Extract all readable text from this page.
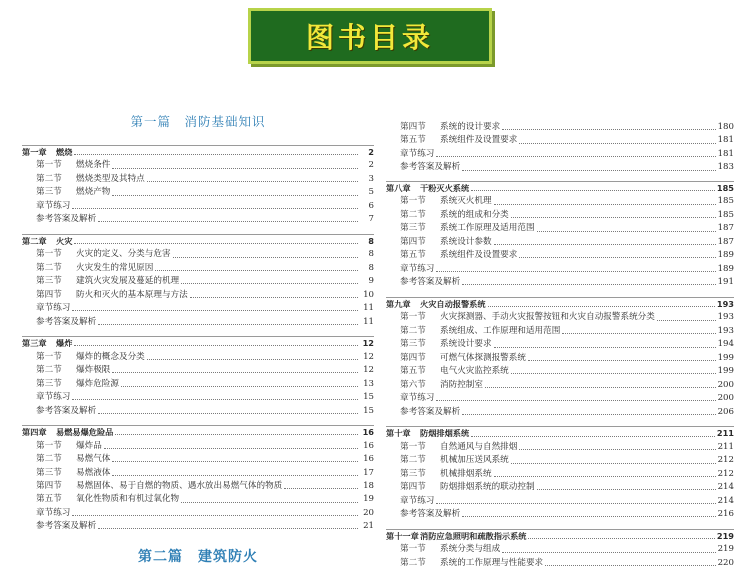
图书目录
第一篇　消防基础知识
第二篇　建筑防火
第一章	燃烧	2
第一节	燃烧条件	2
第二节	燃烧类型及其特点	3
第三节	燃烧产物	5
章节练习	6
参考答案及解析	7
第二章	火灾	8
第一节	火灾的定义、分类与危害	8
第二节	火灾发生的常见原因	8
第三节	建筑火灾发展及蔓延的机理	9
第四节	防火和灭火的基本原理与方法	10
章节练习	11
参考答案及解析	11
第三章	爆炸	12
第一节	爆炸的概念及分类	12
第二节	爆炸极限	12
第三节	爆炸危险源	13
章节练习	15
参考答案及解析	15
第四章	易燃易爆危险品	16
第一节	爆炸品	16
第二节	易燃气体	16
第三节	易燃液体	17
第四节	易燃固体、易于自燃的物质、遇水放出易燃气体的物质	18
第五节	氧化性物质和有机过氧化物	19
章节练习	20
参考答案及解析	21
第四节	系统的设计要求	180
第五节	系统组件及设置要求	181
章节练习	181
参考答案及解析	183
第八章	干粉灭火系统	185
第一节	系统灭火机理	185
第二节	系统的组成和分类	185
第三节	系统工作原理及适用范围	187
第四节	系统设计参数	187
第五节	系统组件及设置要求	189
章节练习	189
参考答案及解析	191
第九章	火灾自动报警系统	193
第一节	火灾探测器、手动火灾报警按钮和火灾自动报警系统分类	193
第二节	系统组成、工作原理和适用范围	193
第三节	系统设计要求	194
第四节	可燃气体探测报警系统	199
第五节	电气火灾监控系统	199
第六节	消防控制室	200
章节练习	200
参考答案及解析	206
第十章	防烟排烟系统	211
第一节	自然通风与自然排烟	211
第二节	机械加压送风系统	212
第三节	机械排烟系统	212
第四节	防烟排烟系统的联动控制	214
章节练习	214
参考答案及解析	216
第十一章 消防应急照明和疏散指示系统	219
第一节	系统分类与组成	219
第二节	系统的工作原理与性能要求	220
